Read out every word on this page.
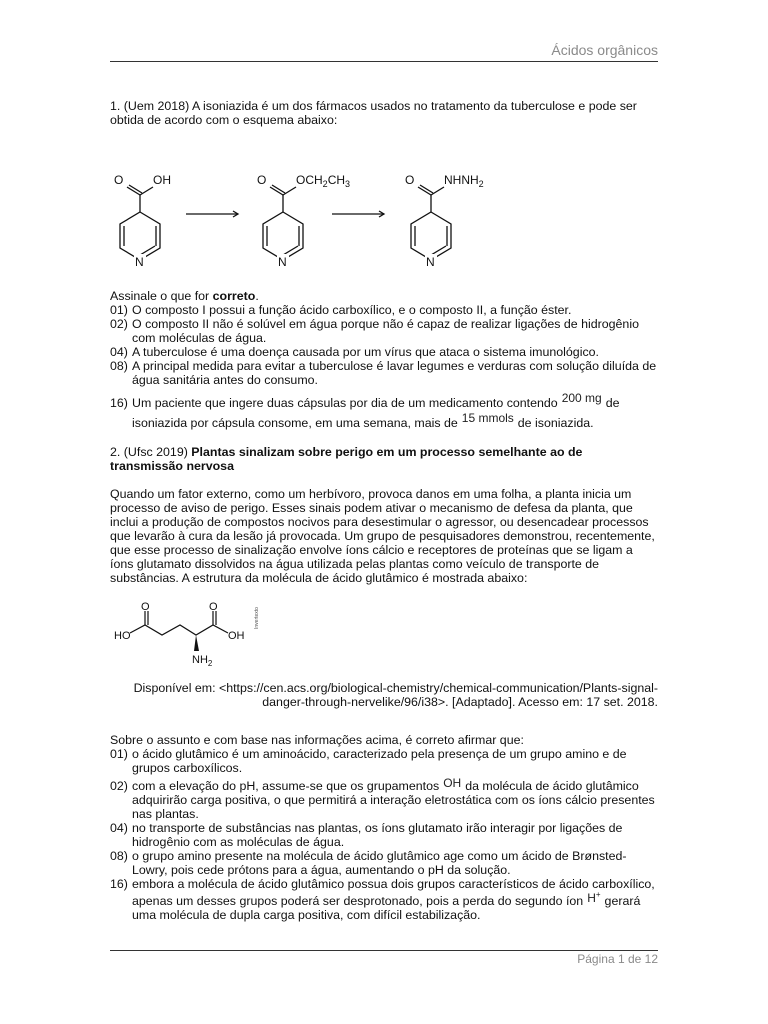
Ácidos orgânicos

1. (Uem 2018) A isoniazida é um dos fármacos usados no tratamento da tuberculose e pode ser obtida de acordo com o esquema abaixo:

N	N	N
O OH	O $OCH_2CH_3$	O $NHNH_2$

Assinale o que for correto.

01) O composto I possui a função ácido carboxílico, e o composto II, a função éster.
02) O composto II não é solúvel em água porque não é capaz de realizar ligações de hidrogênio com moléculas de água.
04) A tuberculose é uma doença causada por um vírus que ataca o sistema imunológico.
08) A principal medida para evitar a tuberculose é lavar legumes e verduras com solução diluída de água sanitária antes do consumo.
16) Um paciente que ingere duas cápsulas por dia de um medicamento contendo 200 mg de isoniazida por cápsula consome, em uma semana, mais de 15 mmols de isoniazida.

2. (Ufsc 2019) Plantas sinalizam sobre perigo em um processo semelhante ao de transmissão nervosa

Quando um fator externo, como um herbívoro, provoca danos em uma folha, a planta inicia um processo de aviso de perigo. Esses sinais podem ativar o mecanismo de defesa da planta, que inclui a produção de compostos nocivos para desestimular o agressor, ou desencadear processos que levarão à cura da lesão já provocada. Um grupo de pesquisadores demonstrou, recentemente, que esse processo de sinalização envolve íons cálcio e receptores de proteínas que se ligam a íons glutamato dissolvidos na água utilizada pelas plantas como veículo de transporte de substâncias. A estrutura da molécula de ácido glutâmico é mostrada abaixo:

O	O
HO	OH
$NH_2$
Invertexto

Disponível em: <https://cen.acs.org/biological-chemistry/chemical-communication/Plants-signal-danger-through-nervelike/96/i38>. [Adaptado]. Acesso em: 17 set. 2018.

Sobre o assunto e com base nas informações acima, é correto afirmar que:

01) o ácido glutâmico é um aminoácido, caracterizado pela presença de um grupo amino e de grupos carboxílicos.
02) com a elevação do pH, assume-se que os grupamentos OH da molécula de ácido glutâmico adquirirão carga positiva, o que permitirá a interação eletrostática com os íons cálcio presentes nas plantas.
04) no transporte de substâncias nas plantas, os íons glutamato irão interagir por ligações de hidrogênio com as moléculas de água.
08) o grupo amino presente na molécula de ácido glutâmico age como um ácido de Brønsted-Lowry, pois cede prótons para a água, aumentando o pH da solução.
16) embora a molécula de ácido glutâmico possua dois grupos característicos de ácido carboxílico, apenas um desses grupos poderá ser desprotonado, pois a perda do segundo íon H+ gerará uma molécula de dupla carga positiva, com difícil estabilização.
Página 1 de 12
